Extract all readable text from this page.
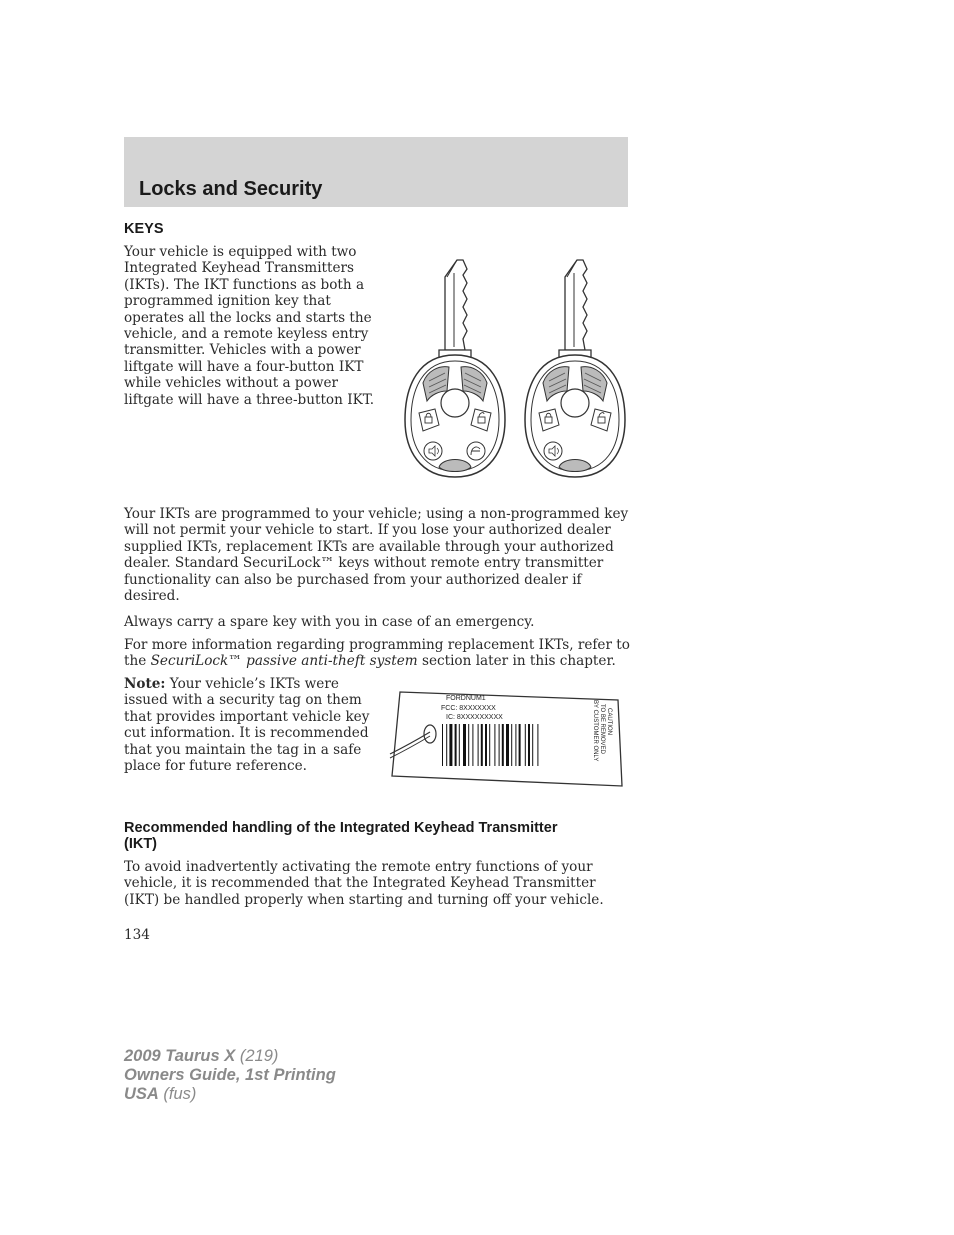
Locks and Security
KEYS

Your vehicle is equipped with two
Integrated Keyhead Transmitters
(IKTs). The IKT functions as both a
programmed ignition key that
operates all the locks and starts the
vehicle, and a remote keyless entry
transmitter. Vehicles with a power
liftgate will have a four-button IKT
while vehicles without a power
liftgate will have a three-button IKT.

Your IKTs are programmed to your vehicle; using a non-programmed key
will not permit your vehicle to start. If you lose your authorized dealer
supplied IKTs, replacement IKTs are available through your authorized
dealer. Standard SecuriLock™ keys without remote entry transmitter
functionality can also be purchased from your authorized dealer if
desired.

Always carry a spare key with you in case of an emergency.

For more information regarding programming replacement IKTs, refer to
the SecuriLock™ passive anti-theft system section later in this chapter.

Note: Your vehicle’s IKTs were
issued with a security tag on them
that provides important vehicle key
cut information. It is recommended
that you maintain the tag in a safe
place for future reference.

FORDNUM1
FCC: 8XXXXXXX
IC: 8XXXXXXXXX	CAUTION
TO BE REMOVED
BY CUSTOMER ONLY
Recommended handling of the Integrated Keyhead Transmitter
(IKT)

To avoid inadvertently activating the remote entry functions of your
vehicle, it is recommended that the Integrated Keyhead Transmitter
(IKT) be handled properly when starting and turning off your vehicle.

134

2009 Taurus X (219)
Owners Guide, 1st Printing
USA (fus)
